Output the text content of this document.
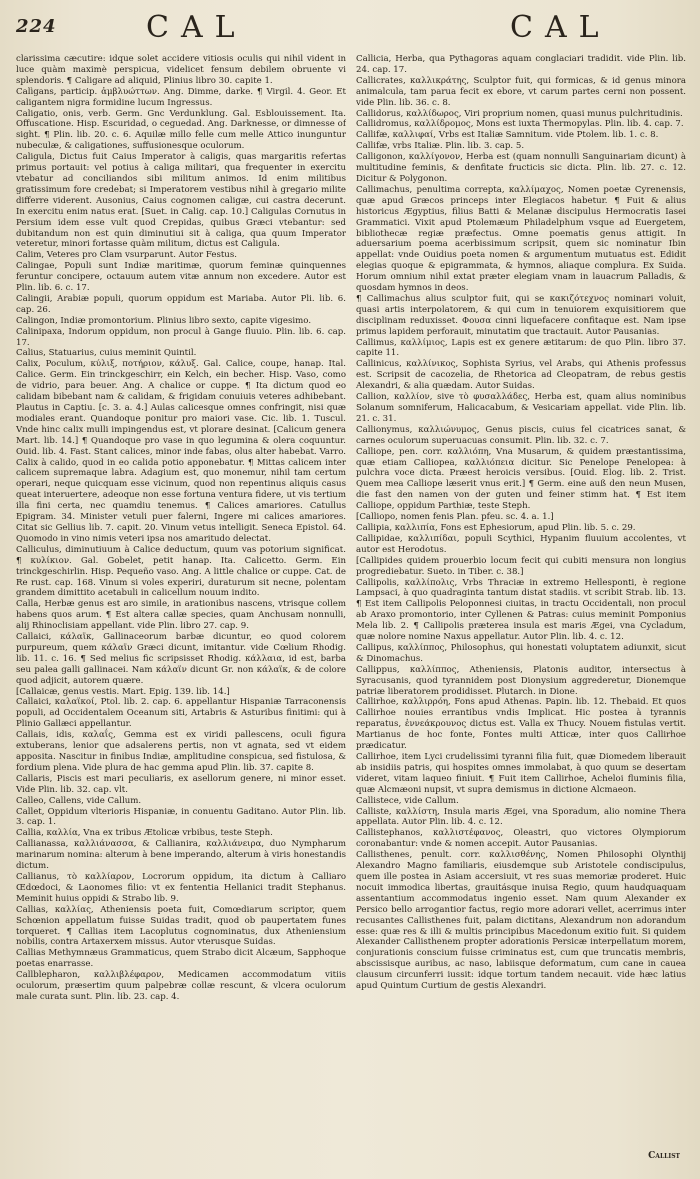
224	CAL	CAL

clarissima cæcutire: idque solet accidere vitiosis oculis qui nihil vident in luce quàm maximè perspicua, videlicet fensum debilem obruente vi splendoris. ¶ Caligare ad aliquid, Plinius libro 30. capite 1.

Calìgans, particip. ἀμβλυώττων. Ang. Dimme, darke. ¶ Virgil. 4. Geor. Et caligantem nigra formidine lucum Ingressus.

Caligatio, onis, verb. Germ. Gnc Verdunklung. Gal. Esblouissement. Ita. Offuscatione. Hisp. Escuridad, o ceguedad. Ang. Darknesse, or dimnesse of sight. ¶ Plin. lib. 20. c. 6. Aquilæ millo felle cum melle Attico inunguntur nubeculæ, & caligationes, suffusionesque oculorum.

Caligula, Dictus fuit Caius Imperator à caligis, quas margaritis refertas primus portauit: vel potius à caliga militari, qua frequenter in exercitu vtebatur ad conciliandos sibi militum animos. Id enim militibus gratissimum fore credebat; si Imperatorem vestibus nihil à gregario milite differre viderent. Ausonius, Caius cognomen caligæ, cui castra decerunt. In exercitu enim natus erat. [Suet. in Calig. cap. 10.] Caligulas Cornutus in Persium idem esse vult quod Crepidas, quibus Græci vtebantur: sed dubitandum non est quin diminutiui sit à caliga, qua quum Imperator veteretur, minori fortasse quàm militum, dictus est Caligula.

Calim, Veteres pro Clam vsurparunt. Autor Festus.

Calingae, Populi sunt Indiæ maritimæ, quorum feminæ quinquennes feruntur concipere, octauum autem vitæ annum non excedere. Autor est Plin. lib. 6. c. 17.

Calingii, Arabiæ populi, quorum oppidum est Mariaba. Autor Pli. lib. 6. cap. 26.

Calingon, Indiæ promontorium. Plinius libro sexto, capite vigesimo.

Calinipaxa, Indorum oppidum, non procul à Gange fluuio. Plin. lib. 6. cap. 17.

Calius, Statuarius, cuius meminit Quintil.

Calix, Poculum, κύλιξ, ποτήριον, κάλυξ. Gal. Calice, coupe, hanap. Ital. Calice. Germ. Ein trinckgeschirr, ein Kelch, ein becher. Hisp. Vaso, como de vidrio, para beuer. Ang. A chalice or cuppe. ¶ Ita dictum quod eo calidam bibebant nam & calidam, & frigidam conuiuis veteres adhibebant. Plautus in Captiu. [c. 3. a. 4.] Aulas calicesque omnes confringit, nisi quæ modiales erant. Quandoque ponitur pro maiori vase. Cic. lib. 1. Tuscul. Vnde hinc calix mulli impingendus est, vt plorare desinat. [Calicum genera Mart. lib. 14.] ¶ Quandoque pro vase in quo legumina & olera coquuntur. Ouid. lib. 4. Fast. Stant calices, minor inde fabas, olus alter habebat. Varro. Calix à calido, quod in eo calida potio apponebatur. ¶ Mittas calicem inter calicem supremaque labra. Adagium est, quo monemur, nihil tam certum operari, neque quicquam esse vicinum, quod non repentinus aliquis casus queat interuertere, adeoque non esse fortuna ventura fidere, ut vis tertium illa fini certa, nec quamdiu tenemus. ¶ Calices amariores. Catullus Epigram. 34. Minister vetuli puer falerni, Ingere mi calices amariores. Citat sic Gellius lib. 7. capit. 20. Vinum vetus intelligit. Seneca Epistol. 64. Quomodo in vino nimis veteri ipsa nos amaritudo delectat.

Calliculus, diminutiuum à Calice deductum, quum vas potorium significat. ¶ κυλίκιον. Gal. Gobelet, petit hanap. Ita. Calicetto. Germ. Ein trinckgeschirlin. Hisp. Pequeño vaso. Ang. A little chalice or cuppe. Cat. de Re rust. cap. 168. Vinum si voles experiri, duraturum sit necne, polentam grandem dimittito acetabuli in calicellum nouum indito.

Calla, Herbæ genus est aro simile, in arationibus nascens, vtrisque collem habens quos arum. ¶ Est altera callæ species, quam Anchusam nonnulli, alij Rhinoclisiam appellant. vide Plin. libro 27. cap. 9.

Callaici, κάλαϊκ, Gallinaceorum barbæ dicuntur, eo quod colorem purpureum, quem κάλαϊν Græci dicunt, imitantur. vide Cœlium Rhodig. lib. 11. c. 16. ¶ Sed melius fic scripsisset Rhodig. κάλλαια, id est, barba seu palea galli gallinacei. Nam κάλαϊν dicunt Gr. non κάλαϊκ, & de colore quod adjicit, autorem quære.

[Callaicæ, genus vestis. Mart. Epig. 139. lib. 14.]

Callaici, καλαϊκοί, Ptol. lib. 2. cap. 6. appellantur Hispaniæ Tarraconensis populi, ad Occidentalem Oceanum siti, Artabris & Asturibus finitimi: qui à Plinio Gallæci appellantur.

Callais, idis, καλαΐς, Gemma est ex viridi pallescens, oculi figura extuberans, lenior que adsalerens pertis, non vt agnata, sed vt eidem apposita. Nascitur in finibus Indiæ, amplitudine conspicua, sed fistulosa, & fordium plena. Vide plura de hac gemma apud Plin. lib. 37. capite 8.

Callaris, Piscis est mari peculiaris, ex asellorum genere, ni minor esset. Vide Plin. lib. 32. cap. vlt.

Calleo, Callens, vide Callum.

Callet, Oppidum vlterioris Hispaniæ, in conuentu Gaditano. Autor Plin. lib. 3. cap. 1.

Callia, καλλία, Vna ex tribus Ætolicæ vrbibus, teste Steph.

Callianassa, καλλιάνασσα, & Callianira, καλλιάνειρα, duo Nympharum marinarum nomina: alterum à bene imperando, alterum à viris honestandis dictum.

Callianus, τὸ καλλίαρον, Locrorum oppidum, ita dictum à Calliaro Œdœdoci, & Laonomes filio: vt ex fententia Hellanici tradit Stephanus. Meminit huius oppidi & Strabo lib. 9.

Callias, καλλίας, Atheniensis poeta fuit, Comœdiarum scriptor, quem Schœnion appellatum fuisse Suidas tradit, quod ob paupertatem funes torqueret. ¶ Callias item Lacoplutus cognominatus, dux Atheniensium nobilis, contra Artaxerxem missus. Autor vterusque Suidas.

Callias Methymnæus Grammaticus, quem Strabo dicit Alcæum, Sapphoque poetas enarrasse.

Callblepharon, καλλιβλέφαρον, Medicamen accommodatum vitiis oculorum, præsertim quum palpebræ collæ rescunt, & vlcera oculorum male curata sunt. Plin. lib. 23. cap. 4.

Callicia, Herba, qua Pythagoras aquam conglaciari tradidit. vide Plin. lib. 24. cap. 17.

Callicrates, καλλικράτης, Sculptor fuit, qui formicas, & id genus minora animalcula, tam parua fecit ex ebore, vt carum partes cerni non possent. vide Plin. lib. 36. c. 8.

Callidorus, καλλίδωρος, Viri proprium nomen, quasi munus pulchritudinis.

Callidromus, καλλίδρομος, Mons est iuxta Thermopylas. Plin. lib. 4. cap. 7.

Callifæ, καλλιφαί, Vrbs est Italiæ Samnitum. vide Ptolem. lib. 1. c. 8.

Callifæ, vrbs Italiæ. Plin. lib. 3. cap. 5.

Calligonon, καλλίγονον, Herba est (quam nonnulli Sanguinariam dicunt) à multitudine feminis, & denfitate fructicis sic dicta. Plin. lib. 27. c. 12. Dicitur & Polygonon.

Callimachus, penultima correpta, καλλίμαχος, Nomen poetæ Cyrenensis, quæ apud Græcos princeps inter Elegiacos habetur. ¶ Fuit & alius historicus Ægyptius, filius Batti & Melanæ discipulus Hermocratis Iasei Grammatici. Vixit apud Ptolemæum Philadelphum vsque ad Euergetem, bibliothecæ regiæ præfectus. Omne poematis genus attigit. In aduersarium poema acerbissimum scripsit, quem sic nominatur Ibin appellat: vnde Ouidius poeta nomen & argumentum mutuatus est. Edidit elegias quoque & epigrammata, & hymnos, aliaque complura. Ex Suida. Horum omnium nihil extat præter elegiam vnam in lauacrum Palladis, & quosdam hymnos in deos.

¶ Callimachus alius sculptor fuit, qui se κακιζότεχνος nominari voluit, quasi artis interpolatorem, & qui cum in tenuiorem exquisitiorem que disciplinam reduxisset. Φουσα cinni liquefacere confitaque est. Nam ipse primus lapidem perforauit, minutatim que tractauit. Autor Pausanias.

Callimus, καλλίμιος, Lapis est ex genere ætitarum: de quo Plin. libro 37. capite 11.

Callinicus, καλλίνικος, Sophista Syrius, vel Arabs, qui Athenis professus est. Scripsit de cacozelia, de Rhetorica ad Cleopatram, de rebus gestis Alexandri, & alia quædam. Autor Suidas.

Callion, καλλίον, sive τὸ φυσαλλάδες, Herba est, quam alius nominibus Solanum somniferum, Halicacabum, & Vesicariam appellat. vide Plin. lib. 21. c. 31.

Callionymus, καλλιώνυμος, Genus piscis, cuius fel cicatrices sanat, & carnes oculorum superuacuas consumit. Plin. lib. 32. c. 7.

Calliope, pen. corr. καλλιόπη, Vna Musarum, & quidem præstantissima, quæ etiam Calliopea, καλλιόπεια dicitur. Sic Penelope Penelopea: à pulchra voce dicta. Præest heroicis versibus. [Ouid. Elog. lib. 2. Trist. Quem mea Calliope læserit vnus erit.] ¶ Germ. eine auß den neun Musen, die fast den namen von der guten und feiner stimm hat. ¶ Est item Calliope, oppidum Parthiæ, teste Steph.

[Calliopo, nomen fenis Plan. pfeu. sc. 4. a. 1.]

Callipia, καλλιπία, Fons est Ephesiorum, apud Plin. lib. 5. c. 29.

Callipidae, καλλιπίδαι, populi Scythici, Hypanim fluuium accolentes, vt autor est Herodotus.

[Callipides quidem prouerbio locum fecit qui cubiti mensura non longius progrediebatur. Sueto. in Tiber. c. 38.]

Callipolis, καλλίπολις, Vrbs Thraciæ in extremo Hellesponti, è regione Lampsaci, à quo quadraginta tantum distat stadiis. vt scribit Strab. lib. 13. ¶ Est item Callipolis Peloponnesi ciuitas, in tractu Occidentali, non procul ab Araxo promontorio, inter Cyllenen & Patras: cuius meminit Pomponius Mela lib. 2. ¶ Callipolis præterea insula est maris Ægei, vna Cycladum, quæ nolore nomine Naxus appellatur. Autor Plin. lib. 4. c. 12.

Callipus, καλλίππος, Philosophus, qui honestati voluptatem adiunxit, sicut & Dinomachus.

Callippus, καλλίππος, Atheniensis, Platonis auditor, intersectus à Syracusanis, quod tyrannidem post Dionysium aggrederetur, Dionemque patriæ liberatorem prodidisset. Plutarch. in Dione.

Callirhoe, καλλιρρόη, Fons apud Athenas. Papin. lib. 12. Thebaid. Et quos Callirhoe nouies errantibus vndis Implicat. Hic postea à tyrannis reparatus, ἐννεάκρουνος dictus est. Valla ex Thucy. Nouem fistulas vertit. Martianus de hoc fonte, Fontes multi Atticæ, inter quos Callirhoe prædicatur.

Callirhoe, item Lyci crudelissimi tyranni filia fuit, quæ Diomedem liberauit ab insidiis patris, qui hospites omnes immolabat, à quo quum se desertam videret, vitam laqueo finiuit. ¶ Fuit item Callirhoe, Acheloi fluminis filia, quæ Alcmæoni nupsit, vt supra demismus in dictione Alcmaeon.

Callistece, vide Callum.

Calliste, καλλίστη, Insula maris Ægei, vna Sporadum, alio nomine Thera appellata. Autor Plin. lib. 4. c. 12.

Callistephanos, καλλιστέφανος, Oleastri, quo victores Olympiorum coronabantur: vnde & nomen accepit. Autor Pausanias.

Callisthenes, penult. corr. καλλισθένης, Nomen Philosophi Olynthij Alexandro Magno familiaris, eiusdemque sub Aristotele condiscipulus, quem ille postea in Asiam accersiuit, vt res suas memoriæ proderet. Huic nocuit immodica libertas, grauitásque inuisa Regio, quum haudquaquam assentantium accommodatus ingenio esset. Nam quum Alexander ex Persico bello arrogantior factus, regio more adorari vellet, acerrimus inter recusantes Callisthenes fuit, palam dictitans, Alexandrum non adorandum esse: quæ res & illi & multis principibus Macedonum exitio fuit. Si quidem Alexander Callisthenem propter adorationis Persicæ interpellatum morem, conjurationis conscium fuisse criminatus est, cum que truncatis membris, abscissisque auribus, ac naso, labiisque deformatum, cum cane in cauea clausum circunferri iussit: idque tortum tandem necauit. vide hæc latius apud Quintum Curtium de gestis Alexandri.

Callist
